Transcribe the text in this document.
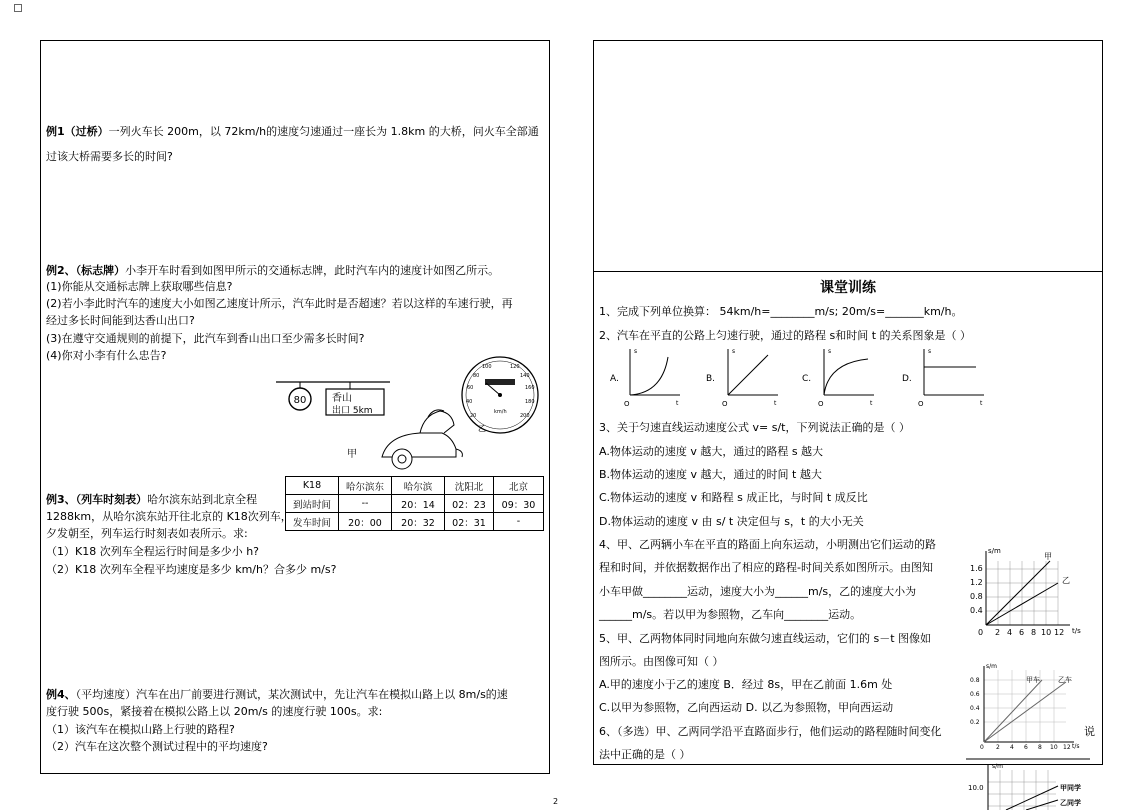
例1（过桥）一列火车长 200m，以 72km/h的速度匀速通过一座长为 1.8km 的大桥，问火车全部通
过该大桥需要多长的时间?
例2、（标志牌）小李开车时看到如图甲所示的交通标志牌，此时汽车内的速度计如图乙所示。
(1)你能从交通标志牌上获取哪些信息?
(2)若小李此时汽车的速度大小如图乙速度计所示，汽车此时是否超速？若以这样的车速行驶，再
经过多长时间能到达香山出口?
(3)在遵守交通规则的前提下，此汽车到香山出口至少需多长时间?
(4)你对小李有什么忠告?
80	香山
出口 5km
甲
20
40
60
80
100	120
140
160
180
200
km/h
乙
例3、（列车时刻表）哈尔滨东站到北京全程
1288km，从哈尔滨东站开往北京的 K18次列车，
夕发朝至，列车运行时刻表如表所示。求:
（1）K18 次列车全程运行时间是多少小 h?
（2）K18 次列车全程平均速度是多少 km/h？合多少 m/s?
K18	哈尔滨东	哈尔滨	沈阳北	北京
到站时间	--	20：14	02：23	09：30
发车时间	20：00	20：32	02：31	-
例4、（平均速度）汽车在出厂前要进行测试，某次测试中，先让汽车在模拟山路上以 8m/s的速
度行驶 500s，紧接着在模拟公路上以 20m/s 的速度行驶 100s。求:
（1）该汽车在模拟山路上行驶的路程?
（2）汽车在这次整个测试过程中的平均速度?
课堂训练
1、完成下列单位换算： 54km/h=________m/s; 20m/s=_______km/h。
2、汽车在平直的公路上匀速行驶，通过的路程 s和时间 t 的关系图象是（ ）
A.
s
t
O
B.
s
t
O
C.
s
t
O
D.
s
t
O
3、关于匀速直线运动速度公式 v= s/t，下列说法正确的是（ ）
A.物体运动的速度 v 越大，通过的路程 s 越大
B.物体运动的速度 v 越大，通过的时间 t 越大
C.物体运动的速度 v 和路程 s 成正比，与时间 t 成反比
D.物体运动的速度 v 由 s/ t 决定但与 s，t 的大小无关
4、甲、乙两辆小车在平直的路面上向东运动，小明测出它们运动的路
程和时间，并依据数据作出了相应的路程-时间关系如图所示。由图知
小车甲做________运动，速度大小为______m/s，乙的速度大小为
______m/s。若以甲为参照物，乙车向________运动。
s/m
t/s
1.6
1.2
0.8
0.4
0 2 4 6 8 10 12
甲
乙
5、甲、乙两物体同时同地向东做匀速直线运动，它们的 s－t 图像如
图所示。由图像可知（ ）
A.甲的速度小于乙的速度 B．经过 8s，甲在乙前面 1.6m 处
C.以甲为参照物，乙向西运动 D. 以乙为参照物，甲向西运动
s/m
t/s
0.8
0.6
0.4
0.2
0 2 4 6 8 10 12
甲车	乙车
6、（多选）甲、乙两同学沿平直路面步行，他们运动的路程随时间变化	说
法中正确的是（ ）
s/m
10.0	甲同学
乙同学
2
